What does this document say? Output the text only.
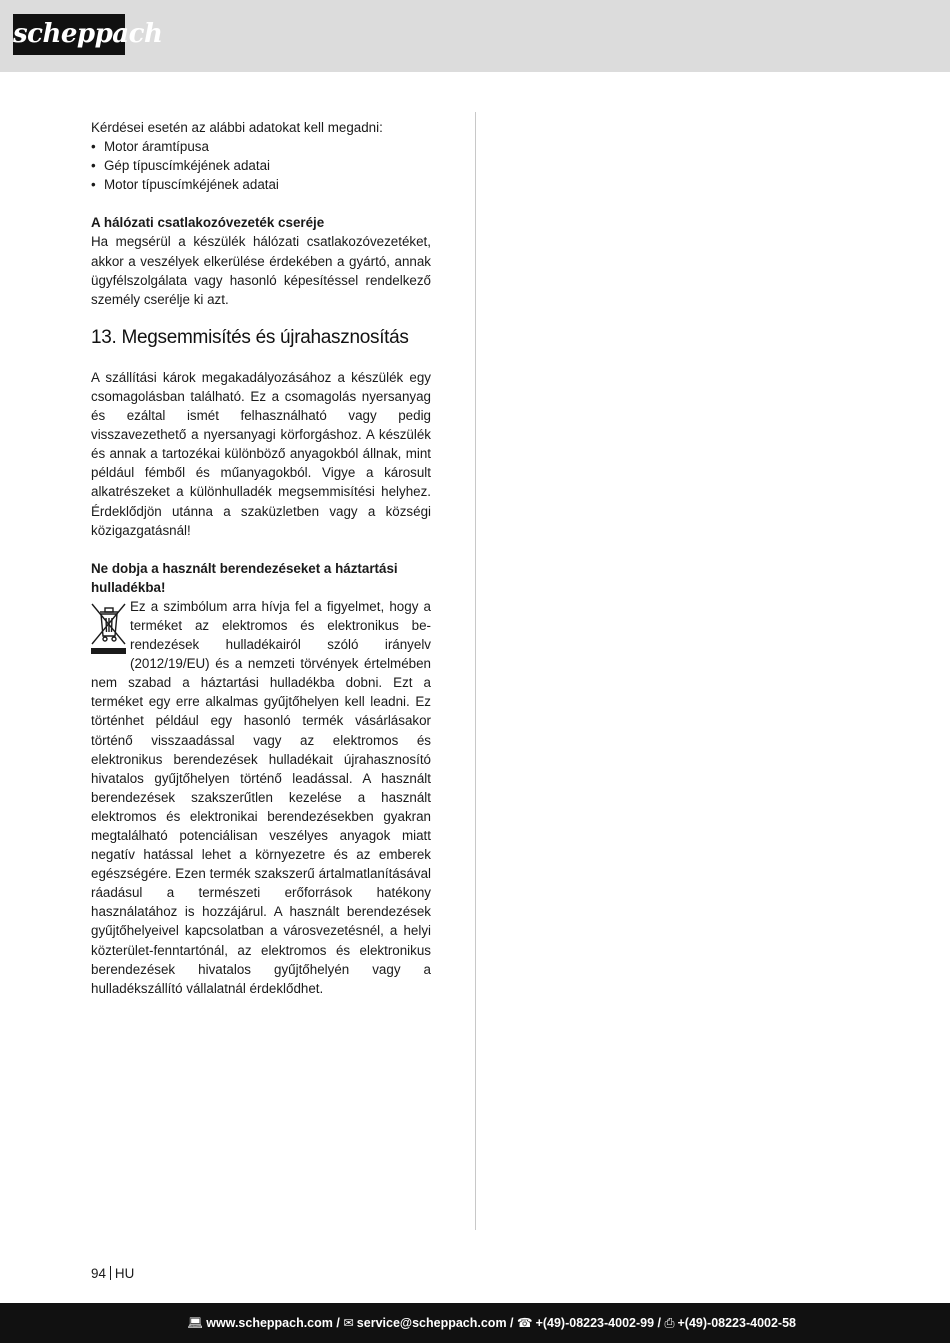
scheppach

Kérdései esetén az alábbi adatokat kell megadni:

• Motor áramtípusa
• Gép típuscímkéjének adatai
• Motor típuscímkéjének adatai

A hálózati csatlakozóvezeték cseréje

Ha megsérül a készülék hálózati csatlakozóvezetéket, akkor a veszélyek elkerülése érdekében a gyártó, annak ügyfélszolgálata vagy hasonló képesítéssel rendelkező személy cserélje ki azt.

13. Megsemmisítés és újrahasznosítás

A szállítási károk megakadályozásához a készülék egy csomagolásban található. Ez a csomagolás nyersanyag és ezáltal ismét felhasználható vagy pedig visszavezethető a nyersanyagi körforgáshoz. A készülék és annak a tartozékai különböző anyagokból állnak, mint például fémből és műanyagokból. Vigye a károsult alkatrészeket a különhulladék megsemmisítési helyhez. Érdeklődjön utánna a szaküzletben vagy a községi közigazgatásnál!

Ne dobja a használt berendezéseket a háztartási hulladékba!

Ez a szimbólum arra hívja fel a figyelmet, hogy a terméket az elektromos és elektronikus berendezések hulladékairól szóló irányelv (2012/19/EU) és a nemzeti törvények értelmében nem szabad a háztartási hulladékba dobni. Ezt a terméket egy erre alkalmas gyűjtőhelyen kell leadni. Ez történhet például egy hasonló termék vásárlásakor történő visszaadással vagy az elektromos és elektronikus berendezések hulladékait újrahasznosító hivatalos gyűjtőhelyen történő leadással. A használt berendezések szakszerűtlen kezelése a használt elektromos és elektronikai berendezésekben gyakran megtalálható potenciálisan veszélyes anyagok miatt negatív hatással lehet a környezetre és az emberek egészségére. Ezen termék szakszerű ártalmatlanításával ráadásul a természeti erőforrások hatékony használatához is hozzájárul. A használt berendezések gyűjtőhelyeivel kapcsolatban a városvezetésnél, a helyi közterület-fenntartónál, az elektromos és elektronikus berendezések hivatalos gyűjtőhelyén vagy a hulladékszállító vállalatnál érdeklődhet.

94 HU
💻︎ www.scheppach.com / ✉︎ service@scheppach.com / ☎︎ +(49)-08223-4002-99 / ⎙ +(49)-08223-4002-58
